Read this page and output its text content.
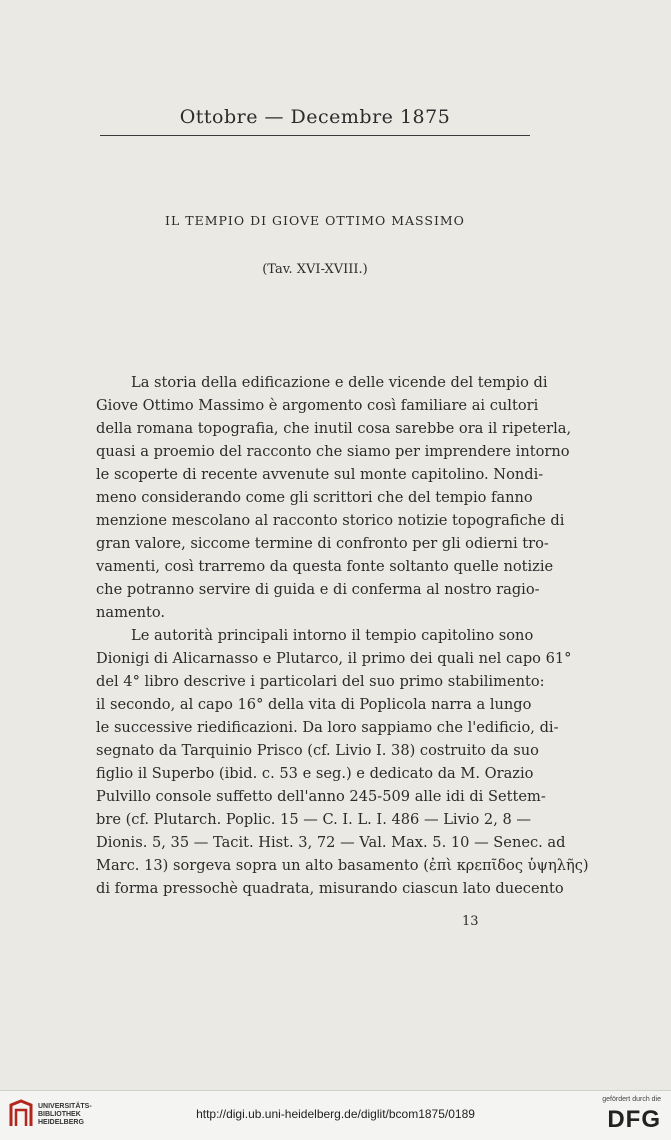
Ottobre — Decembre 1875
IL TEMPIO DI GIOVE OTTIMO MASSIMO
(Tav. XVI-XVIII.)
La storia della edificazione e delle vicende del tempio di
Giove Ottimo Massimo è argomento così familiare ai cultori
della romana topografia, che inutil cosa sarebbe ora il ripeterla,
quasi a proemio del racconto che siamo per imprendere intorno
le scoperte di recente avvenute sul monte capitolino. Nondi-
meno considerando come gli scrittori che del tempio fanno
menzione mescolano al racconto storico notizie topografiche di
gran valore, siccome termine di confronto per gli odierni tro-
vamenti, così trarremo da questa fonte soltanto quelle notizie
che potranno servire di guida e di conferma al nostro ragio-
namento.
Le autorità principali intorno il tempio capitolino sono
Dionigi di Alicarnasso e Plutarco, il primo dei quali nel capo 61°
del 4° libro descrive i particolari del suo primo stabilimento:
il secondo, al capo 16° della vita di Poplicola narra a lungo
le successive riedificazioni. Da loro sappiamo che l'edificio, di-
segnato da Tarquinio Prisco (cf. Livio I. 38) costruito da suo
figlio il Superbo (ibid. c. 53 e seg.) e dedicato da M. Orazio
Pulvillo console suffetto dell'anno 245-509 alle idi di Settem-
bre (cf. Plutarch. Poplic. 15 — C. I. L. I. 486 — Livio 2, 8 —
Dionis. 5, 35 — Tacit. Hist. 3, 72 — Val. Max. 5. 10 — Senec. ad
Marc. 13) sorgeva sopra un alto basamento (ἐπὶ κρεπῖδος ὑψηλῆς)
di forma pressochè quadrata, misurando ciascun lato duecento
13
UNIVERSITÄTS-
BIBLIOTHEK
HEIDELBERG
http://digi.ub.uni-heidelberg.de/diglit/bcom1875/0189
gefördert durch die
DFG
